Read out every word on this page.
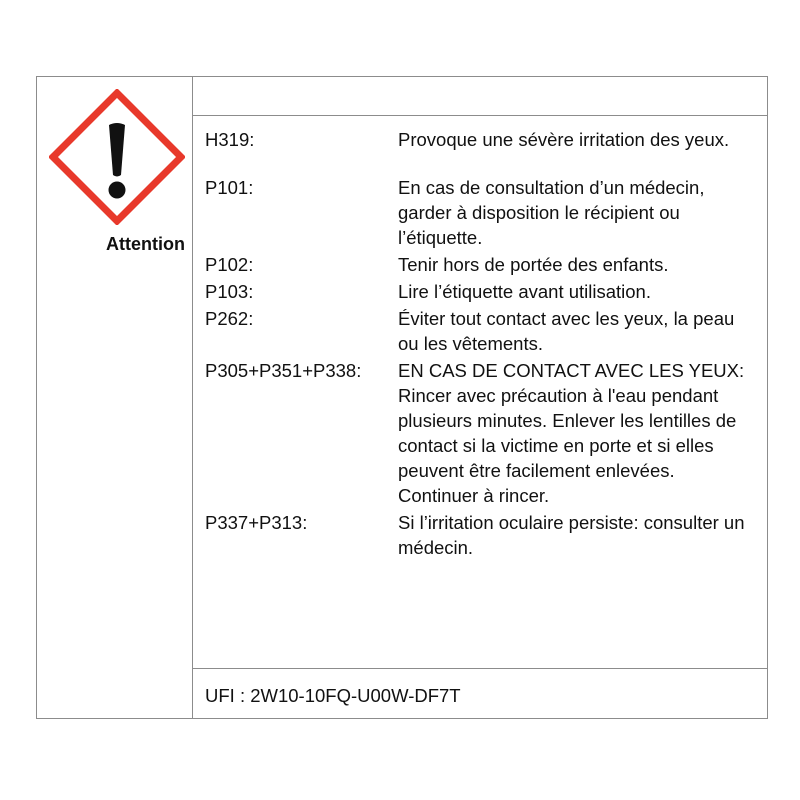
Attention
H319:	Provoque une sévère irritation des yeux.
P101:	En cas de consultation d’un médecin, garder à disposition le récipient ou l’étiquette.
P102:	Tenir hors de portée des enfants.
P103:	Lire l’étiquette avant utilisation.
P262:	Éviter tout contact avec les yeux, la peau ou les vêtements.
P305+P351+P338:	EN CAS DE CONTACT AVEC LES YEUX: Rincer avec précaution à l'eau pendant plusieurs minutes. Enlever les lentilles de contact si la victime en porte et si elles peuvent être facilement enlevées. Continuer à rincer.
P337+P313:	Si l’irritation oculaire persiste: consulter un médecin.
UFI : 2W10-10FQ-U00W-DF7T
